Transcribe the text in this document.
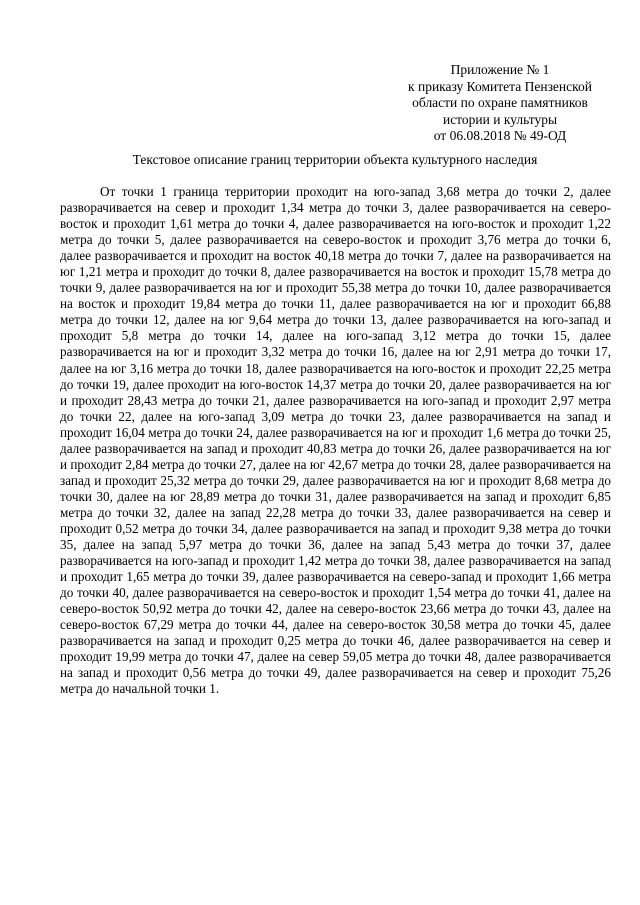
Приложение № 1
к приказу Комитета Пензенской
области по охране памятников
истории и культуры
от 06.08.2018 № 49-ОД
Текстовое описание границ территории объекта культурного наследия

От точки 1 граница территории проходит на юго-запад 3,68 метра до точки 2, далее разворачивается на север и проходит 1,34 метра до точки 3, далее разворачивается на северо-восток и проходит 1,61 метра до точки 4, далее разворачивается на юго-восток и проходит 1,22 метра до точки 5, далее разворачивается на северо-восток и проходит 3,76 метра до точки 6, далее разворачивается и проходит на восток 40,18 метра до точки 7, далее на разворачивается на юг 1,21 метра и проходит до точки 8, далее разворачивается на восток и проходит 15,78 метра до точки 9, далее разворачивается на юг и проходит 55,38 метра до точки 10, далее разворачивается на восток и проходит 19,84 метра до точки 11, далее разворачивается на юг и проходит 66,88 метра до точки 12, далее на юг 9,64 метра до точки 13, далее разворачивается на юго-запад и проходит 5,8 метра до точки 14, далее на юго-запад 3,12 метра до точки 15, далее разворачивается на юг и проходит 3,32 метра до точки 16, далее на юг 2,91 метра до точки 17, далее на юг 3,16 метра до точки 18, далее разворачивается на юго-восток и проходит 22,25 метра до точки 19, далее проходит на юго-восток 14,37 метра до точки 20, далее разворачивается на юг и проходит 28,43 метра до точки 21, далее разворачивается на юго-запад и проходит 2,97 метра до точки 22, далее на юго-запад 3,09 метра до точки 23, далее разворачивается на запад и проходит 16,04 метра до точки 24, далее разворачивается на юг и проходит 1,6 метра до точки 25, далее разворачивается на запад и проходит 40,83 метра до точки 26, далее разворачивается на юг и проходит 2,84 метра до точки 27, далее на юг 42,67 метра до точки 28, далее разворачивается на запад и проходит 25,32 метра до точки 29, далее разворачивается на юг и проходит 8,68 метра до точки 30, далее на юг 28,89 метра до точки 31, далее разворачивается на запад и проходит 6,85 метра до точки 32, далее на запад 22,28 метра до точки 33, далее разворачивается на север и проходит 0,52 метра до точки 34, далее разворачивается на запад и проходит 9,38 метра до точки 35, далее на запад 5,97 метра до точки 36, далее на запад 5,43 метра до точки 37, далее разворачивается на юго-запад и проходит 1,42 метра до точки 38, далее разворачивается на запад и проходит 1,65 метра до точки 39, далее разворачивается на северо-запад и проходит 1,66 метра до точки 40, далее разворачивается на северо-восток и проходит 1,54 метра до точки 41, далее на северо-восток 50,92 метра до точки 42, далее на северо-восток 23,66 метра до точки 43, далее на северо-восток 67,29 метра до точки 44, далее на северо-восток 30,58 метра до точки 45, далее разворачивается на запад и проходит 0,25 метра до точки 46, далее разворачивается на север и проходит 19,99 метра до точки 47, далее на север 59,05 метра до точки 48, далее разворачивается на запад и проходит 0,56 метра до точки 49, далее разворачивается на север и проходит 75,26 метра до начальной точки 1.
